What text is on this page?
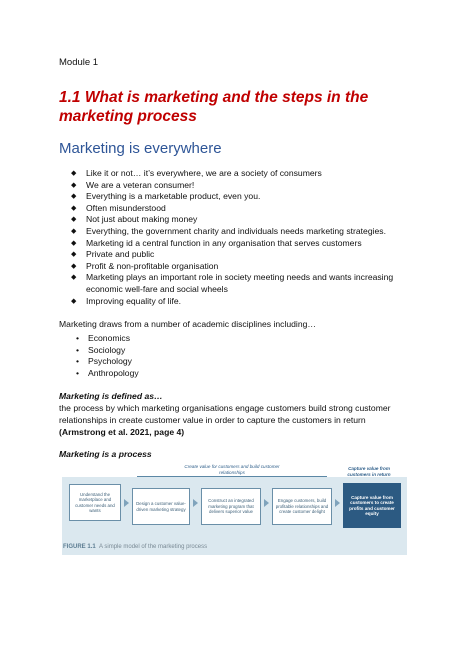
Module 1
1.1 What is marketing and the steps in the marketing process
Marketing is everywhere
◆ Like it or not… it’s everywhere, we are a society of consumers
◆ We are a veteran consumer!
◆ Everything is a marketable product, even you.
◆ Often misunderstood
◆ Not just about making money
◆ Everything, the government charity and individuals needs marketing strategies.
◆ Marketing id a central function in any organisation that serves customers
◆ Private and public
◆ Profit & non-profitable organisation
◆ Marketing plays an important role in society meeting needs and wants increasing economic well-fare and social wheels
◆ Improving equality of life.
Marketing draws from a number of academic disciplines including…
• Economics
• Sociology
• Psychology
• Anthropology
Marketing is defined as…
the process by which marketing organisations engage customers build strong customer relationships in create customer value in order to capture the customers in return
(Armstrong et al. 2021, page 4)
Marketing is a process
Create value for customers and build customer relationships
Capture value from customers in return
Understand the marketplace and customer needs and wants
Design a customer value-driven marketing strategy
Construct an integrated marketing program that delivers superior value
Engage customers, build profitable relationships and create customer delight
Capture value from customers to create profits and customer equity
FIGURE 1.1 A simple model of the marketing process
